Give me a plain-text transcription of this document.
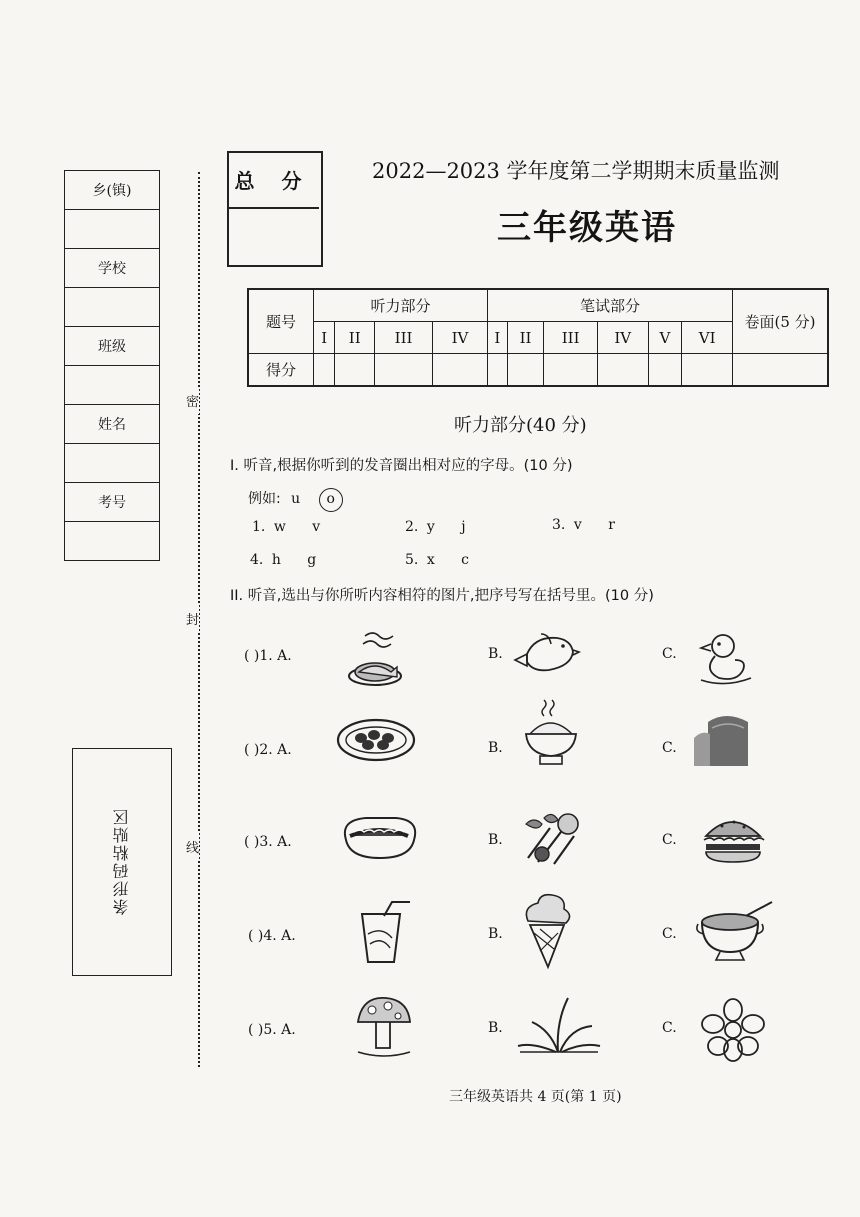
乡(镇)

学校

班级

姓名

考号

密
封
线
条形码粘贴区
总 分	2022—2023 学年度第二学期期末质量监测
三年级英语
题号	听力部分				笔试部分						卷面(5 分)
	I	II	III	IV	I	II	III	IV	V	VI	
得分											
听力部分(40 分)
I. 听音,根据你听到的发音圈出相对应的字母。(10 分)
例如: u o
1. w v	2. y j	3. v r
4. h g	5. x c
II. 听音,选出与你所听内容相符的图片,把序号写在括号里。(10 分)
( )1. A.	B.	C.
( )2. A.	B.	C.
( )3. A.	B.	C.
( )4. A.	B.	C.
( )5. A.	B.	C.
三年级英语共 4 页(第 1 页)
